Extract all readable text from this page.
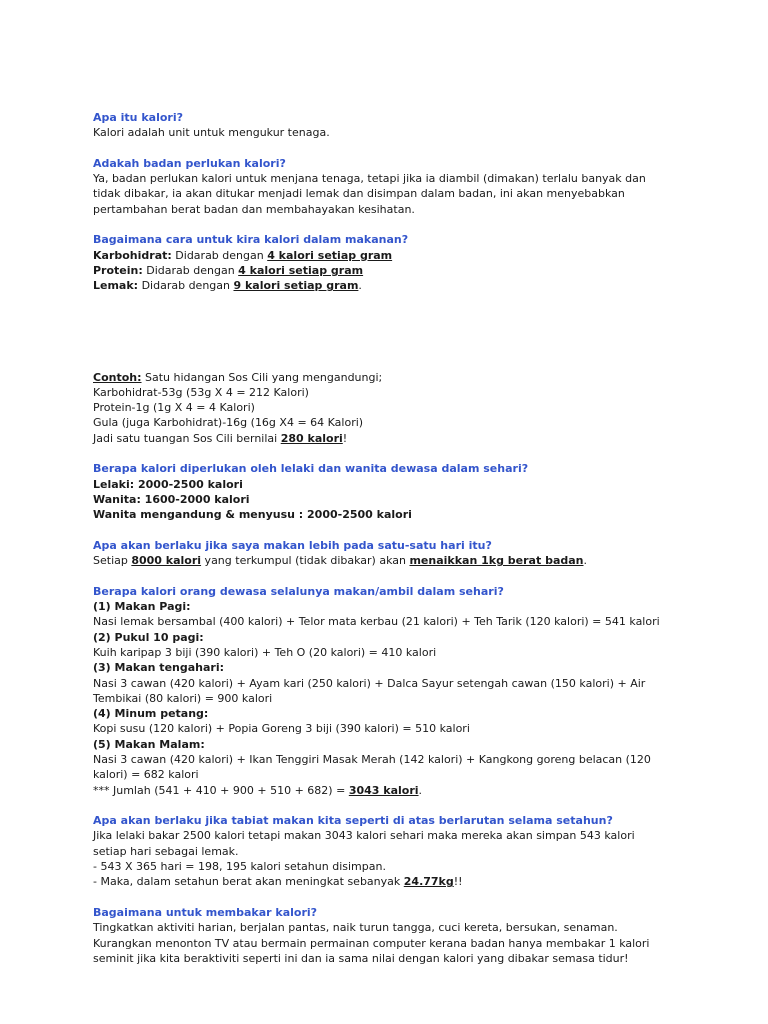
Apa itu kalori?
Kalori adalah unit untuk mengukur tenaga.
Adakah badan perlukan kalori?
Ya, badan perlukan kalori untuk menjana tenaga, tetapi jika ia diambil (dimakan) terlalu banyak dan
tidak dibakar, ia akan ditukar menjadi lemak dan disimpan dalam badan, ini akan menyebabkan
pertambahan berat badan dan membahayakan kesihatan.
Bagaimana cara untuk kira kalori dalam makanan?
Karbohidrat: Didarab dengan 4 kalori setiap gram
Protein: Didarab dengan 4 kalori setiap gram
Lemak: Didarab dengan 9 kalori setiap gram.
Contoh: Satu hidangan Sos Cili yang mengandungi;
Karbohidrat-53g (53g X 4 = 212 Kalori)
Protein-1g (1g X 4 = 4 Kalori)
Gula (juga Karbohidrat)-16g (16g X4 = 64 Kalori)
Jadi satu tuangan Sos Cili bernilai 280 kalori!
Berapa kalori diperlukan oleh lelaki dan wanita dewasa dalam sehari?
Lelaki: 2000-2500 kalori
Wanita: 1600-2000 kalori
Wanita mengandung & menyusu : 2000-2500 kalori
Apa akan berlaku jika saya makan lebih pada satu-satu hari itu?
Setiap 8000 kalori yang terkumpul (tidak dibakar) akan menaikkan 1kg berat badan.
Berapa kalori orang dewasa selalunya makan/ambil dalam sehari?
(1) Makan Pagi:
Nasi lemak bersambal (400 kalori) + Telor mata kerbau (21 kalori) + Teh Tarik (120 kalori) = 541 kalori
(2) Pukul 10 pagi:
Kuih karipap 3 biji (390 kalori) + Teh O (20 kalori) = 410 kalori
(3) Makan tengahari:
Nasi 3 cawan (420 kalori) + Ayam kari (250 kalori) + Dalca Sayur setengah cawan (150 kalori) + Air
Tembikai (80 kalori) = 900 kalori
(4) Minum petang:
Kopi susu (120 kalori) + Popia Goreng 3 biji (390 kalori) = 510 kalori
(5) Makan Malam:
Nasi 3 cawan (420 kalori) + Ikan Tenggiri Masak Merah (142 kalori) + Kangkong goreng belacan (120
kalori) = 682 kalori
*** Jumlah (541 + 410 + 900 + 510 + 682) = 3043 kalori.
Apa akan berlaku jika tabiat makan kita seperti di atas berlarutan selama setahun?
Jika lelaki bakar 2500 kalori tetapi makan 3043 kalori sehari maka mereka akan simpan 543 kalori
setiap hari sebagai lemak.
- 543 X 365 hari = 198, 195 kalori setahun disimpan.
- Maka, dalam setahun berat akan meningkat sebanyak 24.77kg!!
Bagaimana untuk membakar kalori?
Tingkatkan aktiviti harian, berjalan pantas, naik turun tangga, cuci kereta, bersukan, senaman.
Kurangkan menonton TV atau bermain permainan computer kerana badan hanya membakar 1 kalori
seminit jika kita beraktiviti seperti ini dan ia sama nilai dengan kalori yang dibakar semasa tidur!
